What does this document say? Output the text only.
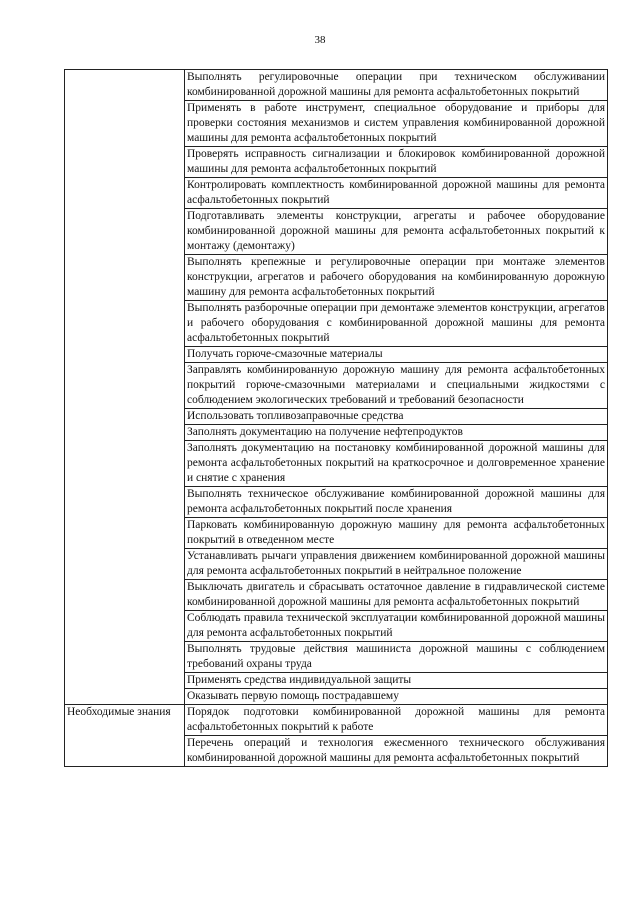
38
	Выполнять регулировочные операции при техническом обслуживании комбинированной дорожной машины для ремонта асфальтобетонных покрытий
	Применять в работе инструмент, специальное оборудование и приборы для проверки состояния механизмов и систем управления комбинированной дорожной машины для ремонта асфальтобетонных покрытий
	Проверять исправность сигнализации и блокировок комбинированной дорожной машины для ремонта асфальтобетонных покрытий
	Контролировать комплектность комбинированной дорожной машины для ремонта асфальтобетонных покрытий
	Подготавливать элементы конструкции, агрегаты и рабочее оборудование комбинированной дорожной машины для ремонта асфальтобетонных покрытий к монтажу (демонтажу)
	Выполнять крепежные и регулировочные операции при монтаже элементов конструкции, агрегатов и рабочего оборудования на комбинированную дорожную машину для ремонта асфальтобетонных покрытий
	Выполнять разборочные операции при демонтаже элементов конструкции, агрегатов и рабочего оборудования с комбинированной дорожной машины для ремонта асфальтобетонных покрытий
	Получать горюче-смазочные материалы
	Заправлять комбинированную дорожную машину для ремонта асфальтобетонных покрытий горюче-смазочными материалами и специальными жидкостями с соблюдением экологических требований и требований безопасности
	Использовать топливозаправочные средства
	Заполнять документацию на получение нефтепродуктов
	Заполнять документацию на постановку комбинированной дорожной машины для ремонта асфальтобетонных покрытий на краткосрочное и долговременное хранение и снятие с хранения
	Выполнять техническое обслуживание комбинированной дорожной машины для ремонта асфальтобетонных покрытий после хранения
	Парковать комбинированную дорожную машину для ремонта асфальтобетонных покрытий в отведенном месте
	Устанавливать рычаги управления движением комбинированной дорожной машины для ремонта асфальтобетонных покрытий в нейтральное положение
	Выключать двигатель и сбрасывать остаточное давление в гидравлической системе комбинированной дорожной машины для ремонта асфальтобетонных покрытий
	Соблюдать правила технической эксплуатации комбинированной дорожной машины для ремонта асфальтобетонных покрытий
	Выполнять трудовые действия машиниста дорожной машины с соблюдением требований охраны труда
	Применять средства индивидуальной защиты
	Оказывать первую помощь пострадавшему
Необходимые знания	Порядок подготовки комбинированной дорожной машины для ремонта асфальтобетонных покрытий к работе
	Перечень операций и технология ежесменного технического обслуживания комбинированной дорожной машины для ремонта асфальтобетонных покрытий
